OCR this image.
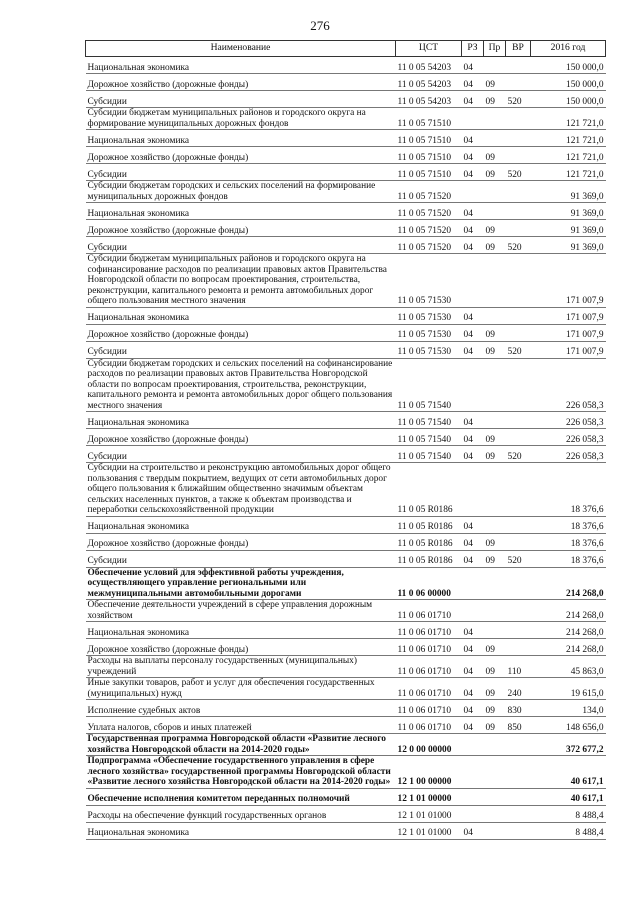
276
Наименование	ЦСТ	РЗ	Пр	ВР	2016 год
Национальная экономика	11 0 05 54203	04			150 000,0
Дорожное хозяйство (дорожные фонды)	11 0 05 54203	04	09		150 000,0
Субсидии	11 0 05 54203	04	09	520	150 000,0
Субсидии бюджетам муниципальных районов и городского округа на формирование муниципальных дорожных фондов	11 0 05 71510				121 721,0
Национальная экономика	11 0 05 71510	04			121 721,0
Дорожное хозяйство (дорожные фонды)	11 0 05 71510	04	09		121 721,0
Субсидии	11 0 05 71510	04	09	520	121 721,0
Субсидии бюджетам городских и сельских поселений на формирование муниципальных дорожных фондов	11 0 05 71520				91 369,0
Национальная экономика	11 0 05 71520	04			91 369,0
Дорожное хозяйство (дорожные фонды)	11 0 05 71520	04	09		91 369,0
Субсидии	11 0 05 71520	04	09	520	91 369,0
Субсидии бюджетам муниципальных районов и городского округа на софинансирование расходов по реализации правовых актов Правительства Новгородской области по вопросам проектирования, строительства, реконструкции, капитального ремонта и ремонта автомобильных дорог общего пользования местного значения	11 0 05 71530				171 007,9
Национальная экономика	11 0 05 71530	04			171 007,9
Дорожное хозяйство (дорожные фонды)	11 0 05 71530	04	09		171 007,9
Субсидии	11 0 05 71530	04	09	520	171 007,9
Субсидии бюджетам городских и сельских поселений на софинансирование расходов по реализации правовых актов Правительства Новгородской области по вопросам проектирования, строительства, реконструкции, капитального ремонта и ремонта автомобильных дорог общего пользования местного значения	11 0 05 71540				226 058,3
Национальная экономика	11 0 05 71540	04			226 058,3
Дорожное хозяйство (дорожные фонды)	11 0 05 71540	04	09		226 058,3
Субсидии	11 0 05 71540	04	09	520	226 058,3
Субсидии на строительство и реконструкцию автомобильных дорог общего пользования с твердым покрытием, ведущих от сети автомобильных дорог общего пользования к ближайшим общественно значимым объектам сельских населенных пунктов, а также к объектам производства и переработки сельскохозяйственной продукции	11 0 05 R0186				18 376,6
Национальная экономика	11 0 05 R0186	04			18 376,6
Дорожное хозяйство (дорожные фонды)	11 0 05 R0186	04	09		18 376,6
Субсидии	11 0 05 R0186	04	09	520	18 376,6
Обеспечение условий для эффективной работы учреждения, осуществляющего управление региональными или межмуниципальными автомобильными дорогами	11 0 06 00000				214 268,0
Обеспечение деятельности учреждений в сфере управления дорожным хозяйством	11 0 06 01710				214 268,0
Национальная экономика	11 0 06 01710	04			214 268,0
Дорожное хозяйство (дорожные фонды)	11 0 06 01710	04	09		214 268,0
Расходы на выплаты персоналу государственных (муниципальных) учреждений	11 0 06 01710	04	09	110	45 863,0
Иные закупки товаров, работ и услуг для обеспечения государственных (муниципальных) нужд	11 0 06 01710	04	09	240	19 615,0
Исполнение судебных актов	11 0 06 01710	04	09	830	134,0
Уплата налогов, сборов и иных платежей	11 0 06 01710	04	09	850	148 656,0
Государственная программа Новгородской области «Развитие лесного хозяйства Новгородской области на 2014-2020 годы»	12 0 00 00000				372 677,2
Подпрограмма «Обеспечение государственного управления в сфере лесного хозяйства» государственной программы Новгородской области «Развитие лесного хозяйства Новгородской области на 2014-2020 годы»	12 1 00 00000				40 617,1
Обеспечение исполнения комитетом переданных полномочий	12 1 01 00000				40 617,1
Расходы на обеспечение функций государственных органов	12 1 01 01000				8 488,4
Национальная экономика	12 1 01 01000	04			8 488,4
